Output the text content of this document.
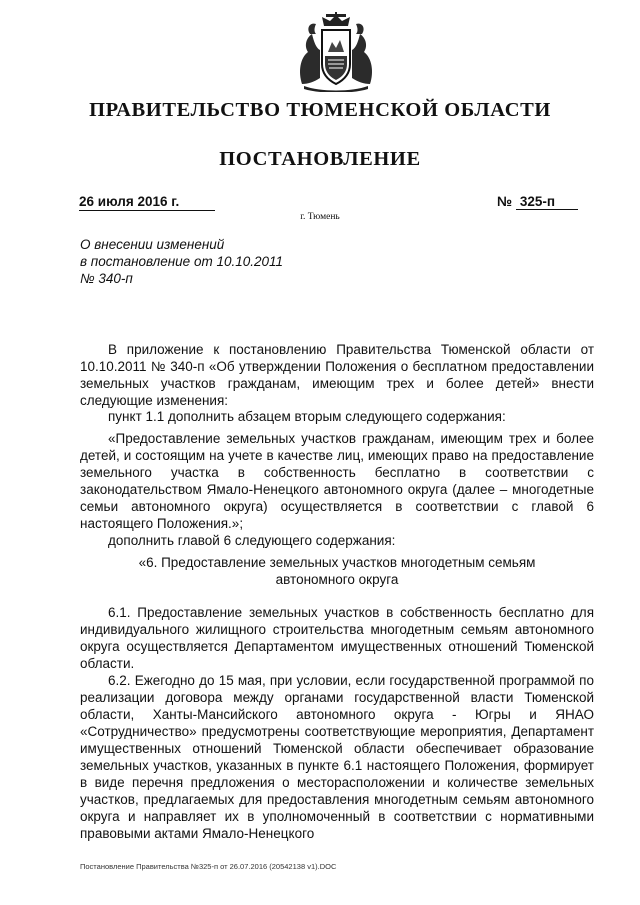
ПРАВИТЕЛЬСТВО ТЮМЕНСКОЙ ОБЛАСТИ
ПОСТАНОВЛЕНИЕ
26 июля 2016 г.	№ 325-п
г. Тюмень
О внесении изменений
в постановление от 10.10.2011
№ 340-п
В приложение к постановлению Правительства Тюменской области от 10.10.2011 № 340-п «Об утверждении Положения о бесплатном предоставлении земельных участков гражданам, имеющим трех и более детей» внести следующие изменения:
пункт 1.1 дополнить абзацем вторым следующего содержания:
«Предоставление земельных участков гражданам, имеющим трех и более детей, и состоящим на учете в качестве лиц, имеющих право на предоставление земельного участка в собственность бесплатно в соответствии с законодательством Ямало-Ненецкого автономного округа (далее – многодетные семьи автономного округа) осуществляется в соответствии с главой 6 настоящего Положения.»;
дополнить главой 6 следующего содержания:
«6. Предоставление земельных участков многодетным семьям
автономного округа
6.1. Предоставление земельных участков в собственность бесплатно для индивидуального жилищного строительства многодетным семьям автономного округа осуществляется Департаментом имущественных отношений Тюменской области.
6.2. Ежегодно до 15 мая, при условии, если государственной программой по реализации договора между органами государственной власти Тюменской области, Ханты-Мансийского автономного округа - Югры и ЯНАО «Сотрудничество» предусмотрены соответствующие мероприятия, Департамент имущественных отношений Тюменской области обеспечивает образование земельных участков, указанных в пункте 6.1 настоящего Положения, формирует в виде перечня предложения о месторасположении и количестве земельных участков, предлагаемых для предоставления многодетным семьям автономного округа и направляет их в уполномоченный в соответствии с нормативными правовыми актами Ямало-Ненецкого
Постановление Правительства №325-п от 26.07.2016 (20542138 v1).DOC
